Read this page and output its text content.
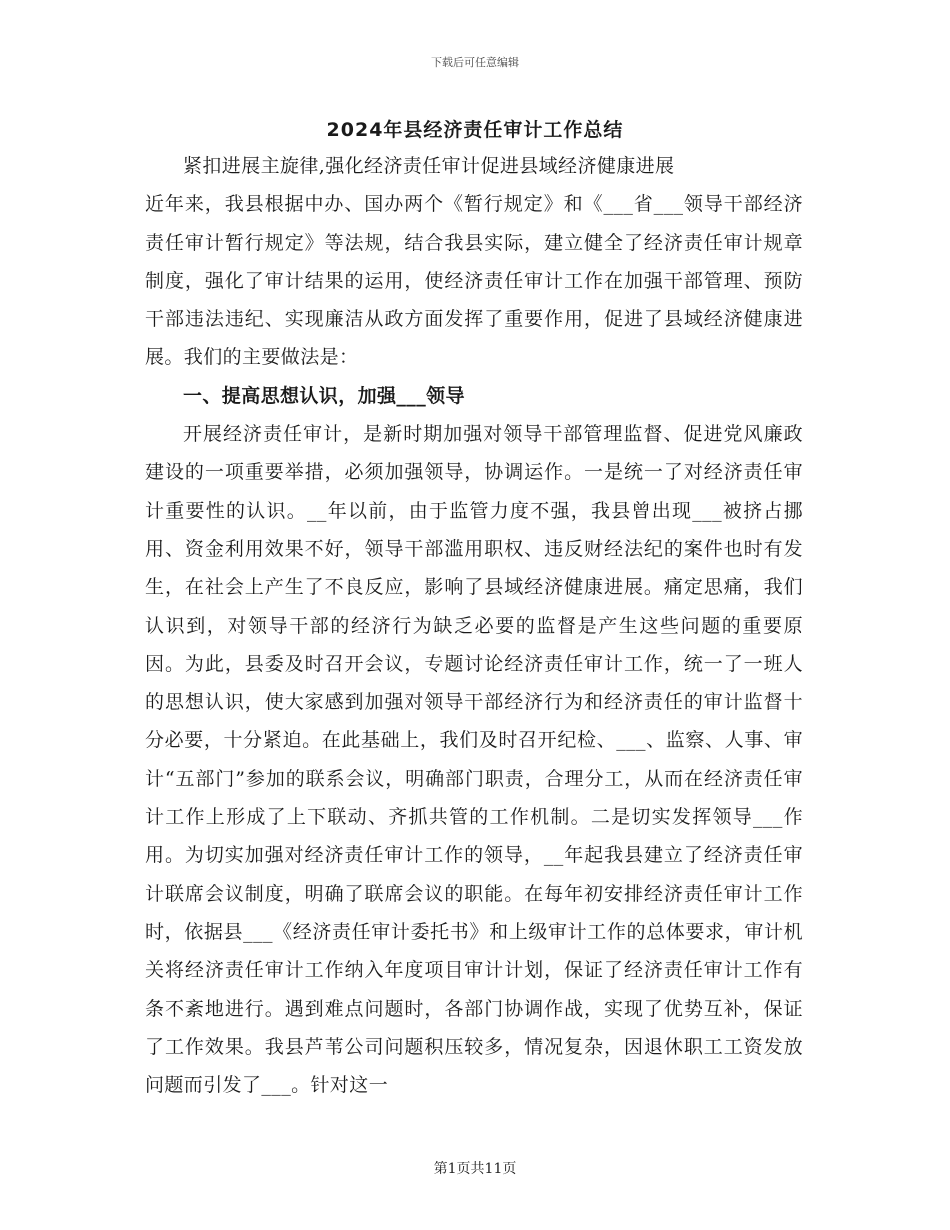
下载后可任意编辑
2024年县经济责任审计工作总结

紧扣进展主旋律,强化经济责任审计促进县域经济健康进展

近年来，我县根据中办、国办两个《暂行规定》和《___省___领导干部经济责任审计暂行规定》等法规，结合我县实际，建立健全了经济责任审计规章制度，强化了审计结果的运用，使经济责任审计工作在加强干部管理、预防干部违法违纪、实现廉洁从政方面发挥了重要作用，促进了县域经济健康进展。我们的主要做法是：

一、提高思想认识，加强___领导

开展经济责任审计，是新时期加强对领导干部管理监督、促进党风廉政建设的一项重要举措，必须加强领导，协调运作。一是统一了对经济责任审计重要性的认识。__年以前，由于监管力度不强，我县曾出现___被挤占挪用、资金利用效果不好，领导干部滥用职权、违反财经法纪的案件也时有发生，在社会上产生了不良反应，影响了县域经济健康进展。痛定思痛，我们认识到，对领导干部的经济行为缺乏必要的监督是产生这些问题的重要原因。为此，县委及时召开会议，专题讨论经济责任审计工作，统一了一班人的思想认识，使大家感到加强对领导干部经济行为和经济责任的审计监督十分必要，十分紧迫。在此基础上，我们及时召开纪检、___、监察、人事、审计“五部门”参加的联系会议，明确部门职责，合理分工，从而在经济责任审计工作上形成了上下联动、齐抓共管的工作机制。二是切实发挥领导___作用。为切实加强对经济责任审计工作的领导，__年起我县建立了经济责任审计联席会议制度，明确了联席会议的职能。在每年初安排经济责任审计工作时，依据县___《经济责任审计委托书》和上级审计工作的总体要求，审计机关将经济责任审计工作纳入年度项目审计计划，保证了经济责任审计工作有条不紊地进行。遇到难点问题时，各部门协调作战，实现了优势互补，保证了工作效果。我县芦苇公司问题积压较多，情况复杂，因退休职工工资发放问题而引发了___。针对这一

第1页共11页
